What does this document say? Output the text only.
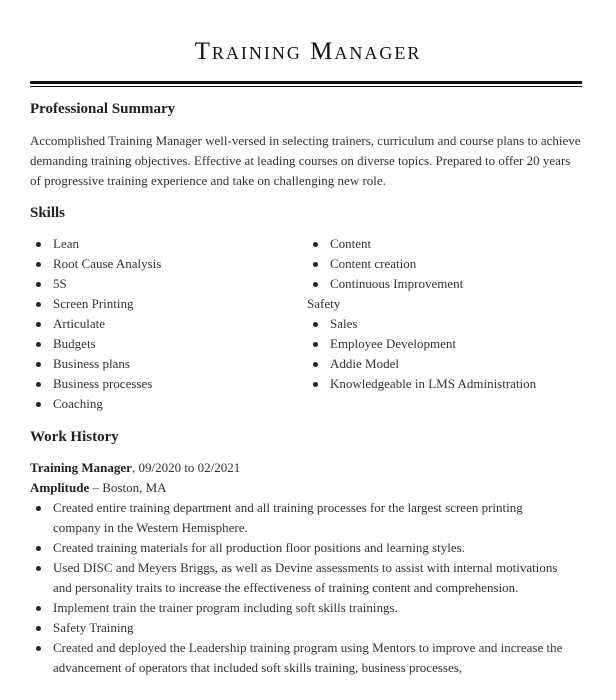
Training Manager
Professional Summary

Accomplished Training Manager well-versed in selecting trainers, curriculum and course plans to achieve demanding training objectives. Effective at leading courses on diverse topics. Prepared to offer 20 years of progressive training experience and take on challenging new role.

Skills
Lean
Root Cause Analysis
5S
Screen Printing
Articulate
Budgets
Business plans
Business processes
Coaching
Content
Content creation
Continuous Improvement
Safety
Sales
Employee Development
Addie Model
Knowledgeable in LMS Administration
Work History

Training Manager, 09/2020 to 02/2021

Amplitude – Boston, MA

Created entire training department and all training processes for the largest screen printing company in the Western Hemisphere.
Created training materials for all production floor positions and learning styles.
Used DISC and Meyers Briggs, as well as Devine assessments to assist with internal motivations and personality traits to increase the effectiveness of training content and comprehension.
Implement train the trainer program including soft skills trainings.
Safety Training
Created and deployed the Leadership training program using Mentors to improve and increase the advancement of operators that included soft skills training, business processes,
